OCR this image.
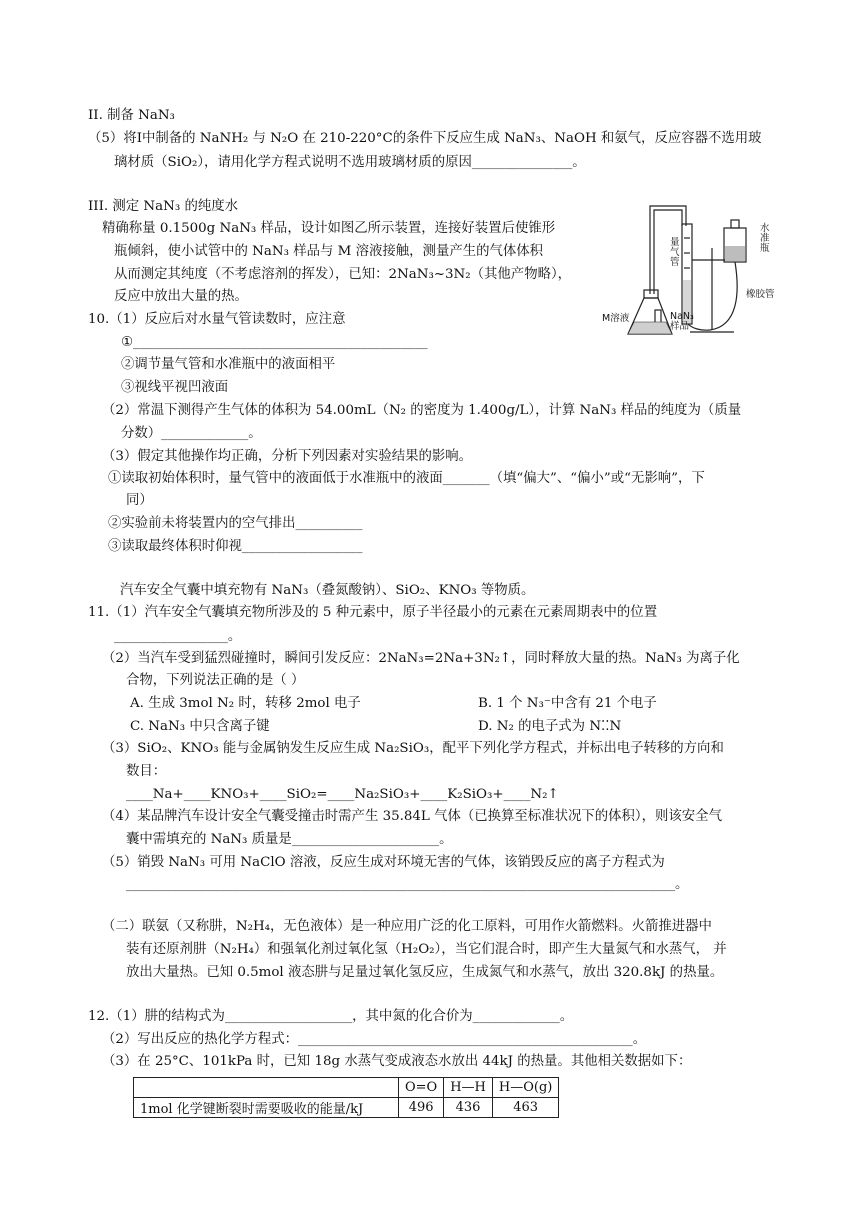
II. 制备 NaN₃
（5）将Ⅰ中制备的 NaNH₂ 与 N₂O 在 210-220°C的条件下反应生成 NaN₃、NaOH 和氨气，反应容器不选用玻
璃材质（SiO₂），请用化学方程式说明不选用玻璃材质的原因_______________。
III. 测定 NaN₃ 的纯度水
精确称量 0.1500g NaN₃ 样品，设计如图乙所示装置，连接好装置后使锥形
瓶倾斜，使小试管中的 NaN₃ 样品与 M 溶液接触，测量产生的气体体积
从而测定其纯度（不考虑溶剂的挥发），已知：2NaN₃~3N₂（其他产物略），
反应中放出大量的热。
水准瓶
量气管
橡胶管
M溶液	NaN₃样品
10.（1）反应后对水量气管读数时，应注意
①____________________________________________
②调节量气管和水准瓶中的液面相平
③视线平视凹液面
（2）常温下测得产生气体的体积为 54.00mL（N₂ 的密度为 1.400g/L），计算 NaN₃ 样品的纯度为（质量
分数）_____________。
（3）假定其他操作均正确，分析下列因素对实验结果的影响。
①读取初始体积时，量气管中的液面低于水准瓶中的液面_______（填“偏大”、“偏小”或“无影响”，下
同）
②实验前未将装置内的空气排出__________
③读取最终体积时仰视__________________
汽车安全气囊中填充物有 NaN₃（叠氮酸钠）、SiO₂、KNO₃ 等物质。
11.（1）汽车安全气囊填充物所涉及的 5 种元素中，原子半径最小的元素在元素周期表中的位置
_________________。
（2）当汽车受到猛烈碰撞时，瞬间引发反应：2NaN₃=2Na+3N₂↑，同时释放大量的热。NaN₃ 为离子化
合物，下列说法正确的是（ ）
A. 生成 3mol N₂ 时，转移 2mol 电子	B. 1 个 N₃⁻中含有 21 个电子
C. NaN₃ 中只含离子键	D. N₂ 的电子式为 N⁚⁚N
（3）SiO₂、KNO₃ 能与金属钠发生反应生成 Na₂SiO₃，配平下列化学方程式，并标出电子转移的方向和
数目：
____Na+____KNO₃+____SiO₂=____Na₂SiO₃+____K₂SiO₃+____N₂↑
（4）某品牌汽车设计安全气囊受撞击时需产生 35.84L 气体（已换算至标准状况下的体积），则该安全气
囊中需填充的 NaN₃ 质量是______________________。
（5）销毁 NaN₃ 可用 NaClO 溶液，反应生成对环境无害的气体，该销毁反应的离子方程式为
__________________________________________________________________________________。
（二）联氨（又称肼，N₂H₄，无色液体）是一种应用广泛的化工原料，可用作火箭燃料。火箭推进器中
装有还原剂肼（N₂H₄）和强氧化剂过氧化氢（H₂O₂），当它们混合时，即产生大量氮气和水蒸气， 并
放出大量热。已知 0.5mol 液态肼与足量过氧化氢反应，生成氮气和水蒸气，放出 320.8kJ 的热量。
12.（1）肼的结构式为___________________，其中氮的化合价为_____________。
（2）写出反应的热化学方程式：__________________________________________________。
（3）在 25°C、101kPa 时，已知 18g 水蒸气变成液态水放出 44kJ 的热量。其他相关数据如下：
	O=O	H—H	H—O(g)
1mol 化学键断裂时需要吸收的能量/kJ	496	436	463
